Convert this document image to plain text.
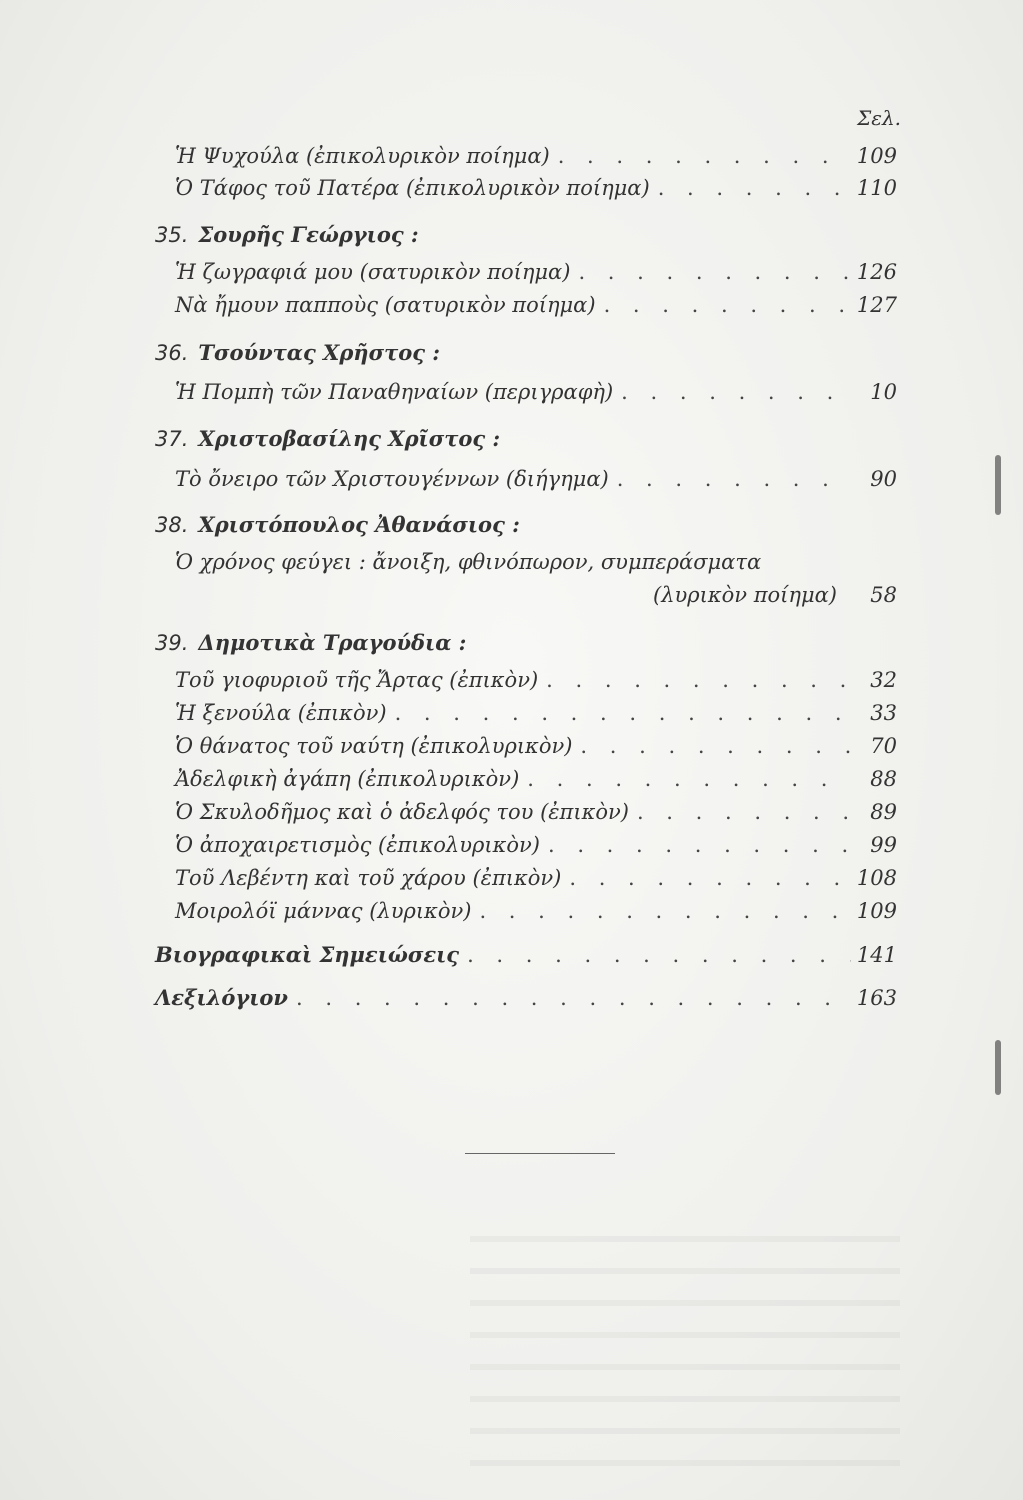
Σελ.
Ἡ Ψυχούλα (ἐπικολυρικὸν ποίημα) . . .	109
Ὁ Τάφος τοῦ Πατέρα (ἐπικολυρικὸν ποίημα) . . .	110
35. Σουρῆς Γεώργιος :
Ἡ ζωγραφιά μου (σατυρικὸν ποίημα) . . .	126
Νὰ ἤμουν παπποὺς (σατυρικὸν ποίημα) . . .	127
36. Τσούντας Χρῆστος :
Ἡ Πομπὴ τῶν Παναθηναίων (περιγραφὴ) . . .	10
37. Χριστοβασίλης Χρῖστος :
Τὸ ὄνειρο τῶν Χριστουγέννων (διήγημα) . . .	90
38. Χριστόπουλος Ἀθανάσιος :
Ὁ χρόνος φεύγει : ἄνοιξη, φθινόπωρον, συμπεράσματα
(λυρικὸν ποίημα)	58
39. Δημοτικὰ Τραγούδια :
Τοῦ γιοφυριοῦ τῆς Ἄρτας (ἐπικὸν) . . .	32
Ἡ ξενούλα (ἐπικὸν) . . .	33
Ὁ θάνατος τοῦ ναύτη (ἐπικολυρικὸν) . . .	70
Ἀδελφικὴ ἀγάπη (ἐπικολυρικὸν) . . .	88
Ὁ Σκυλοδῆμος καὶ ὁ ἀδελφός του (ἐπικὸν) . . .	89
Ὁ ἀποχαιρετισμὸς (ἐπικολυρικὸν) . . .	99
Τοῦ Λεβέντη καὶ τοῦ χάρου (ἐπικὸν) . . .	108
Μοιρολόϊ μάννας (λυρικὸν) . . .	109
Βιογραφικαὶ Σημειώσεις . . .	141
Λεξιλόγιον . . .	163
